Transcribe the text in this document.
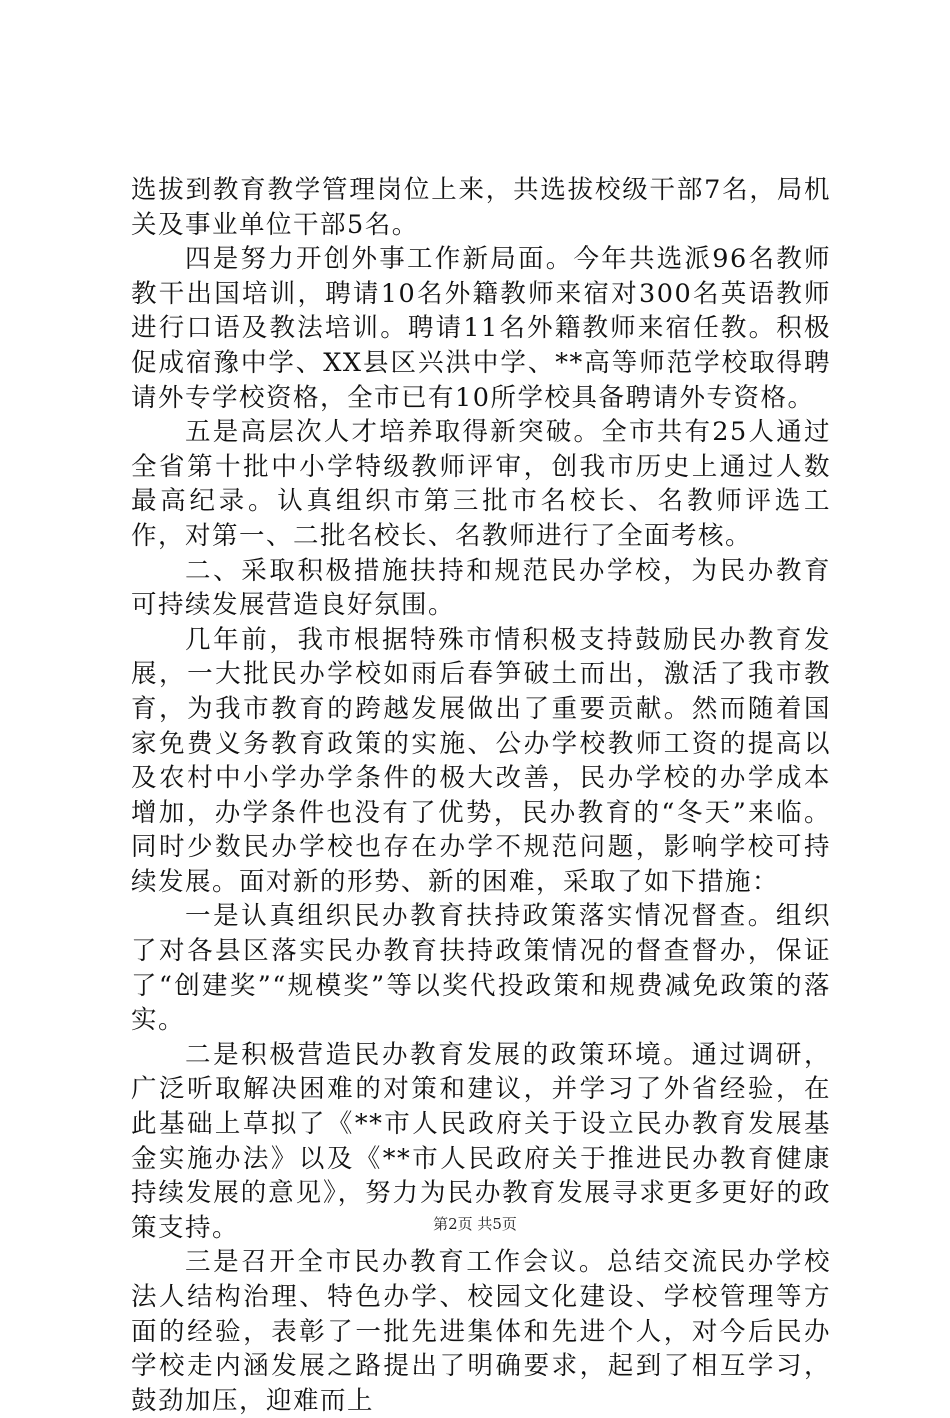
选拔到教育教学管理岗位上来，共选拔校级干部7名，局机关及事业单位干部5名。

四是努力开创外事工作新局面。今年共选派96名教师教干出国培训，聘请10名外籍教师来宿对300名英语教师进行口语及教法培训。聘请11名外籍教师来宿任教。积极促成宿豫中学、XX县区兴洪中学、**高等师范学校取得聘请外专学校资格，全市已有10所学校具备聘请外专资格。

五是高层次人才培养取得新突破。全市共有25人通过全省第十批中小学特级教师评审，创我市历史上通过人数最高纪录。认真组织市第三批市名校长、名教师评选工作，对第一、二批名校长、名教师进行了全面考核。

二、采取积极措施扶持和规范民办学校，为民办教育可持续发展营造良好氛围。

几年前，我市根据特殊市情积极支持鼓励民办教育发展，一大批民办学校如雨后春笋破土而出，激活了我市教育，为我市教育的跨越发展做出了重要贡献。然而随着国家免费义务教育政策的实施、公办学校教师工资的提高以及农村中小学办学条件的极大改善，民办学校的办学成本增加，办学条件也没有了优势，民办教育的“冬天”来临。同时少数民办学校也存在办学不规范问题，影响学校可持续发展。面对新的形势、新的困难，采取了如下措施：

一是认真组织民办教育扶持政策落实情况督查。组织了对各县区落实民办教育扶持政策情况的督查督办，保证了“创建奖”“规模奖”等以奖代投政策和规费减免政策的落实。

二是积极营造民办教育发展的政策环境。通过调研，广泛听取解决困难的对策和建议，并学习了外省经验，在此基础上草拟了《**市人民政府关于设立民办教育发展基金实施办法》以及《**市人民政府关于推进民办教育健康持续发展的意见》，努力为民办教育发展寻求更多更好的政策支持。

三是召开全市民办教育工作会议。总结交流民办学校法人结构治理、特色办学、校园文化建设、学校管理等方面的经验，表彰了一批先进集体和先进个人，对今后民办学校走内涵发展之路提出了明确要求，起到了相互学习，鼓劲加压，迎难而上

第2页 共5页
